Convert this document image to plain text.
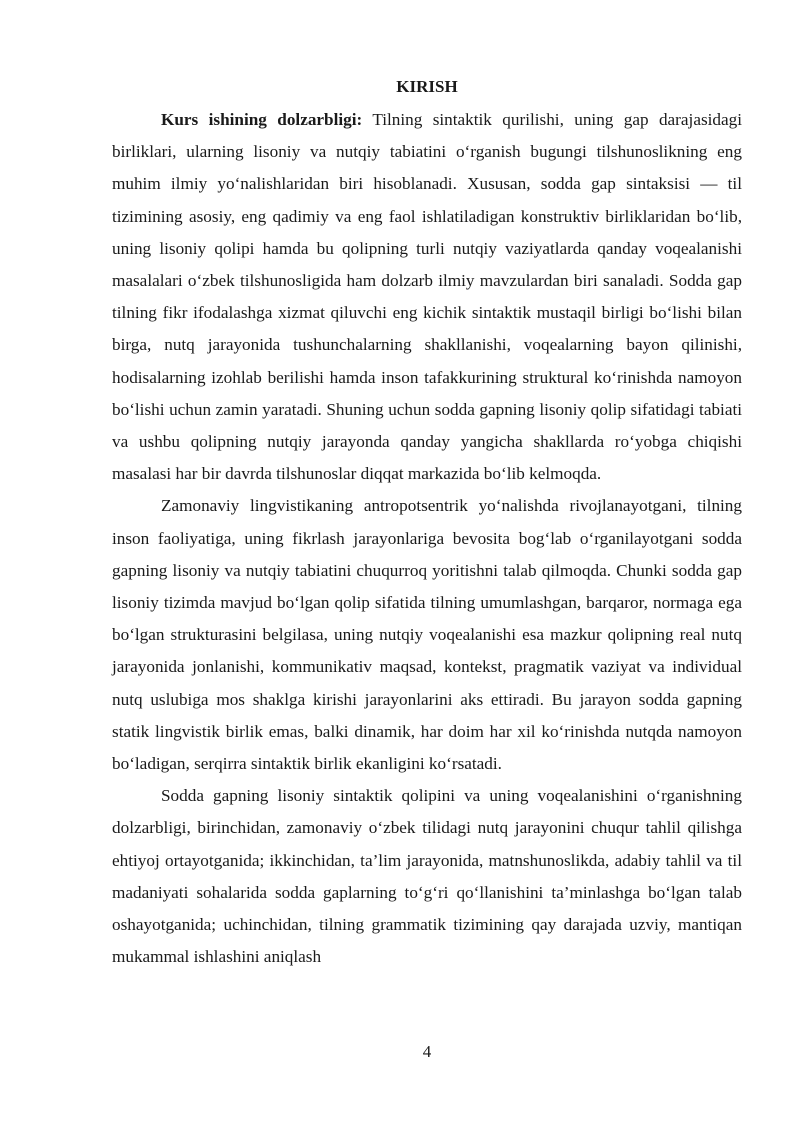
KIRISH

Kurs ishining dolzarbligi: Tilning sintaktik qurilishi, uning gap darajasidagi birliklari, ularning lisoniy va nutqiy tabiatini o‘rganish bugungi tilshunoslikning eng muhim ilmiy yo‘nalishlaridan biri hisoblanadi. Xususan, sodda gap sintaksisi — til tizimining asosiy, eng qadimiy va eng faol ishlatiladigan konstruktiv birliklaridan bo‘lib, uning lisoniy qolipi hamda bu qolipning turli nutqiy vaziyatlarda qanday voqealanishi masalalari o‘zbek tilshunosligida ham dolzarb ilmiy mavzulardan biri sanaladi. Sodda gap tilning fikr ifodalashga xizmat qiluvchi eng kichik sintaktik mustaqil birligi bo‘lishi bilan birga, nutq jarayonida tushunchalarning shakllanishi, voqealarning bayon qilinishi, hodisalarning izohlab berilishi hamda inson tafakkurining struktural ko‘rinishda namoyon bo‘lishi uchun zamin yaratadi. Shuning uchun sodda gapning lisoniy qolip sifatidagi tabiati va ushbu qolipning nutqiy jarayonda qanday yangicha shakllarda ro‘yobga chiqishi masalasi har bir davrda tilshunoslar diqqat markazida bo‘lib kelmoqda.

Zamonaviy lingvistikaning antropotsentrik yo‘nalishda rivojlanayotgani, tilning inson faoliyatiga, uning fikrlash jarayonlariga bevosita bog‘lab o‘rganilayotgani sodda gapning lisoniy va nutqiy tabiatini chuqurroq yoritishni talab qilmoqda. Chunki sodda gap lisoniy tizimda mavjud bo‘lgan qolip sifatida tilning umumlashgan, barqaror, normaga ega bo‘lgan strukturasini belgilasa, uning nutqiy voqealanishi esa mazkur qolipning real nutq jarayonida jonlanishi, kommunikativ maqsad, kontekst, pragmatik vaziyat va individual nutq uslubiga mos shaklga kirishi jarayonlarini aks ettiradi. Bu jarayon sodda gapning statik lingvistik birlik emas, balki dinamik, har doim har xil ko‘rinishda nutqda namoyon bo‘ladigan, serqirra sintaktik birlik ekanligini ko‘rsatadi.

Sodda gapning lisoniy sintaktik qolipini va uning voqealanishini o‘rganishning dolzarbligi, birinchidan, zamonaviy o‘zbek tilidagi nutq jarayonini chuqur tahlil qilishga ehtiyoj ortayotganida; ikkinchidan, ta’lim jarayonida, matnshunoslikda, adabiy tahlil va til madaniyati sohalarida sodda gaplarning to‘g‘ri qo‘llanishini ta’minlashga bo‘lgan talab oshayotganida; uchinchidan, tilning grammatik tizimining qay darajada uzviy, mantiqan mukammal ishlashini aniqlash

4
